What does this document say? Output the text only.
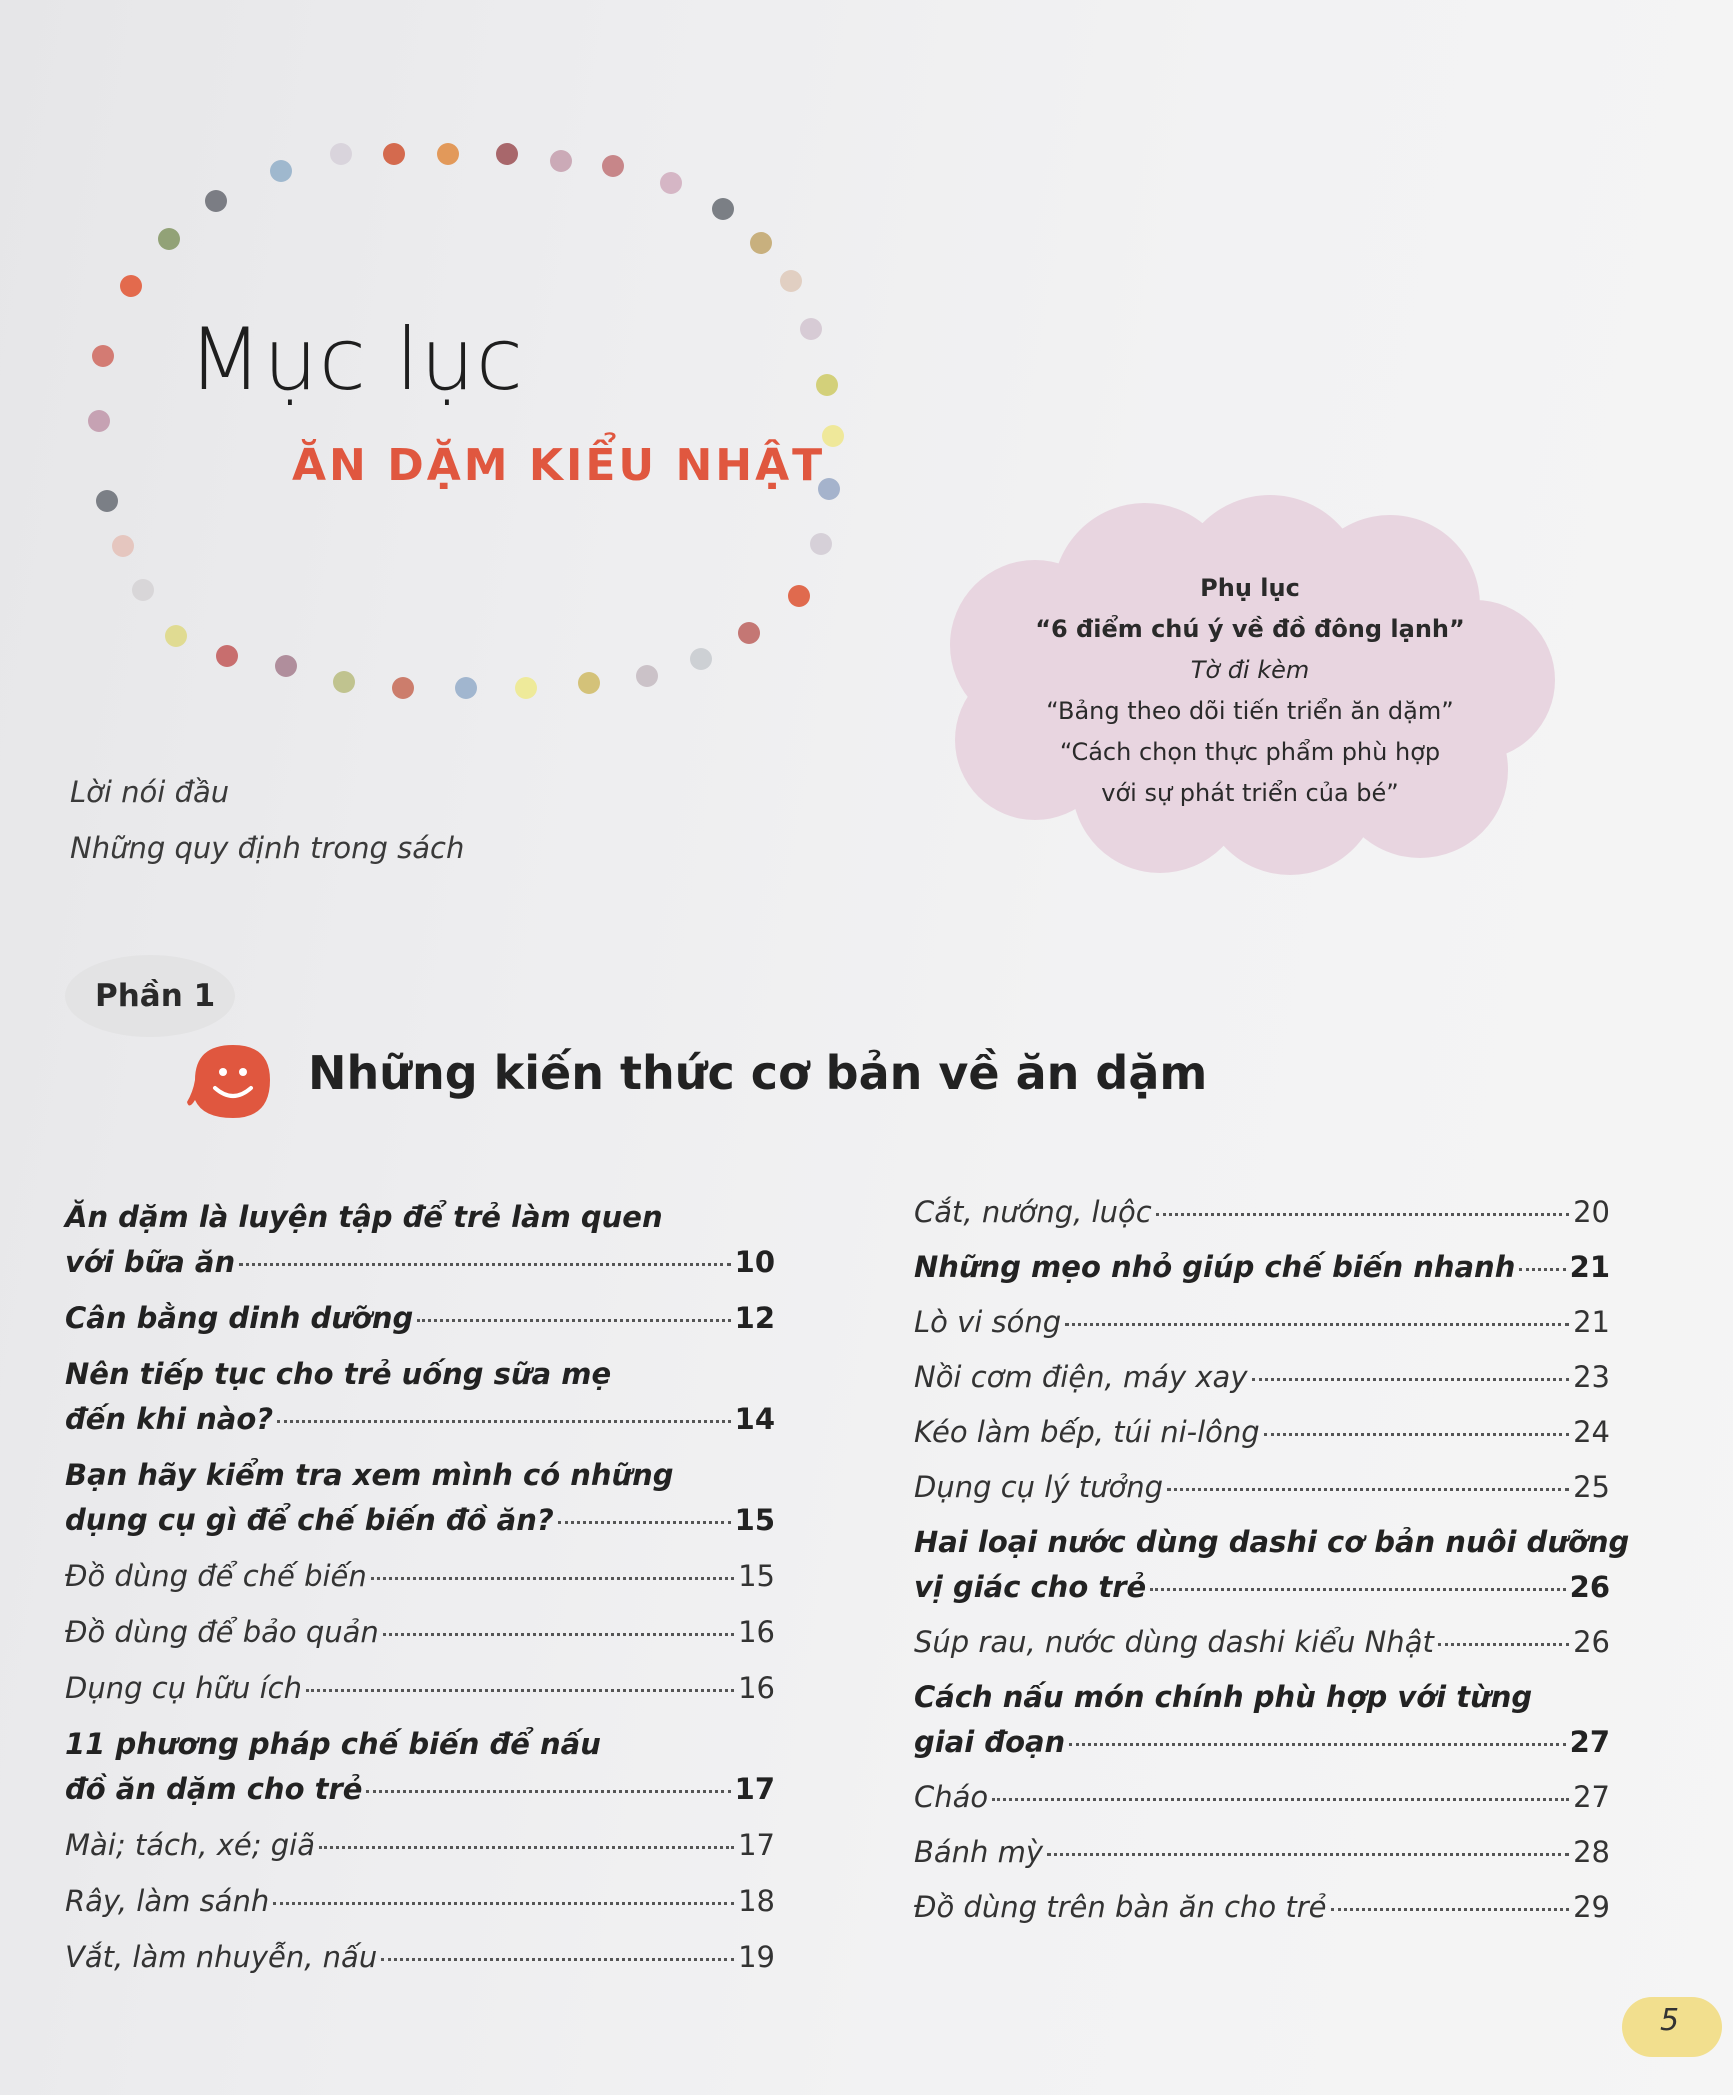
Mục lục
ĂN DẶM KIỂU NHẬT
Phụ lục
“6 điểm chú ý về đồ đông lạnh”
Tờ đi kèm
“Bảng theo dõi tiến triển ăn dặm”
“Cách chọn thực phẩm phù hợp
với sự phát triển của bé”
Lời nói đầu
Những quy định trong sách
Phần 1
Những kiến thức cơ bản về ăn dặm
Ăn dặm là luyện tập để trẻ làm quen
với bữa ăn	10
Cân bằng dinh dưỡng	12
Nên tiếp tục cho trẻ uống sữa mẹ
đến khi nào?	14
Bạn hãy kiểm tra xem mình có những
dụng cụ gì để chế biến đồ ăn?	15
Đồ dùng để chế biến	15
Đồ dùng để bảo quản	16
Dụng cụ hữu ích	16
11 phương pháp chế biến để nấu
đồ ăn dặm cho trẻ	17
Mài; tách, xé; giã	17
Rây, làm sánh	18
Vắt, làm nhuyễn, nấu	19
Cắt, nướng, luộc	20
Những mẹo nhỏ giúp chế biến nhanh 21
Lò vi sóng	21
Nồi cơm điện, máy xay	23
Kéo làm bếp, túi ni-lông	24
Dụng cụ lý tưởng	25
Hai loại nước dùng dashi cơ bản nuôi dưỡng
vị giác cho trẻ	26
Súp rau, nước dùng dashi kiểu Nhật	26
Cách nấu món chính phù hợp với từng
giai đoạn	27
Cháo	27
Bánh mỳ	28
Đồ dùng trên bàn ăn cho trẻ	29
5
